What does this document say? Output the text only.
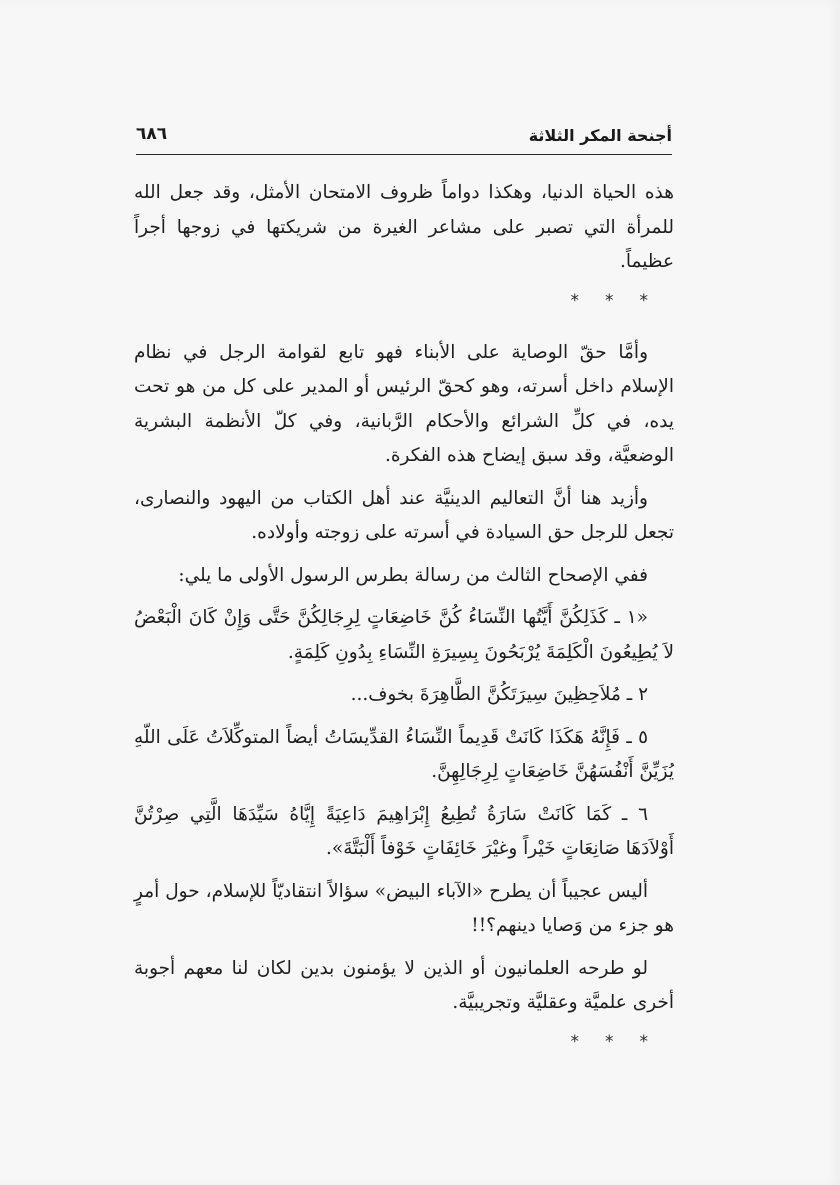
أجنحة المكر الثلاثة
٦٨٦

هذه الحياة الدنيا، وهكذا دواماً ظروف الامتحان الأمثل، وقد جعل الله للمرأة التي تصبر على مشاعر الغيرة من شريكتها في زوجها أجراً عظيماً.

***

وأمَّا حقّ الوصاية على الأبناء فهو تابع لقوامة الرجل في نظام الإسلام داخل أسرته، وهو كحقّ الرئيس أو المدير على كل من هو تحت يده، في كلِّ الشرائع والأحكام الرَّبانية، وفي كلّ الأنظمة البشرية الوضعيَّة، وقد سبق إيضاح هذه الفكرة.

وأزيد هنا أنَّ التعاليم الدينيَّة عند أهل الكتاب من اليهود والنصارى، تجعل للرجل حق السيادة في أسرته على زوجته وأولاده.

ففي الإصحاح الثالث من رسالة بطرس الرسول الأولى ما يلي:

«١ ـ كَذَلِكُنَّ أَيَّتُها النِّسَاءُ كُنَّ خَاضِعَاتٍ لِرِجَالِكُنَّ حَتَّى وَإِنْ كَانَ الْبَعْضُ لاَ يُطِيعُونَ الْكَلِمَةَ يُرْبَحُونَ بِسِيرَةِ النِّسَاءِ بِدُونِ كَلِمَةٍ.

٢ ـ مُلاَحِظِينَ سِيرَتَكُنَّ الطَّاهِرَةَ بخوف...

٥ ـ فَإِنَّهُ هَكَذَا كَانَتْ قَدِيماً النِّسَاءُ القدِّيسَاتُ أيضاً المتوكِّلاَتُ عَلَى اللّهِ يُزَيِّنَّ أَنْفُسَهُنَّ خَاضِعَاتٍ لِرِجَالِهِنَّ.

٦ ـ كَمَا كَانَتْ سَارَةُ تُطِيعُ إِبْرَاهِيمَ دَاعِيَةً إِيَّاهُ سَيِّدَهَا الَّتِي صِرْتُنَّ أَوْلاَدَهَا صَانِعَاتٍ خَيْراً وغيْرَ خَائِفَاتٍ خَوْفاً أَلْبَتَّةَ».

أليس عجيباً أن يطرح «الآباء البيض» سؤالاً انتقاديّاً للإسلام، حول أمرٍ هو جزء من وَصايا دينهم؟!!

لو طرحه العلمانيون أو الذين لا يؤمنون بدين لكان لنا معهم أجوبة أخرى علميَّة وعقليَّة وتجريبيَّة.

***
